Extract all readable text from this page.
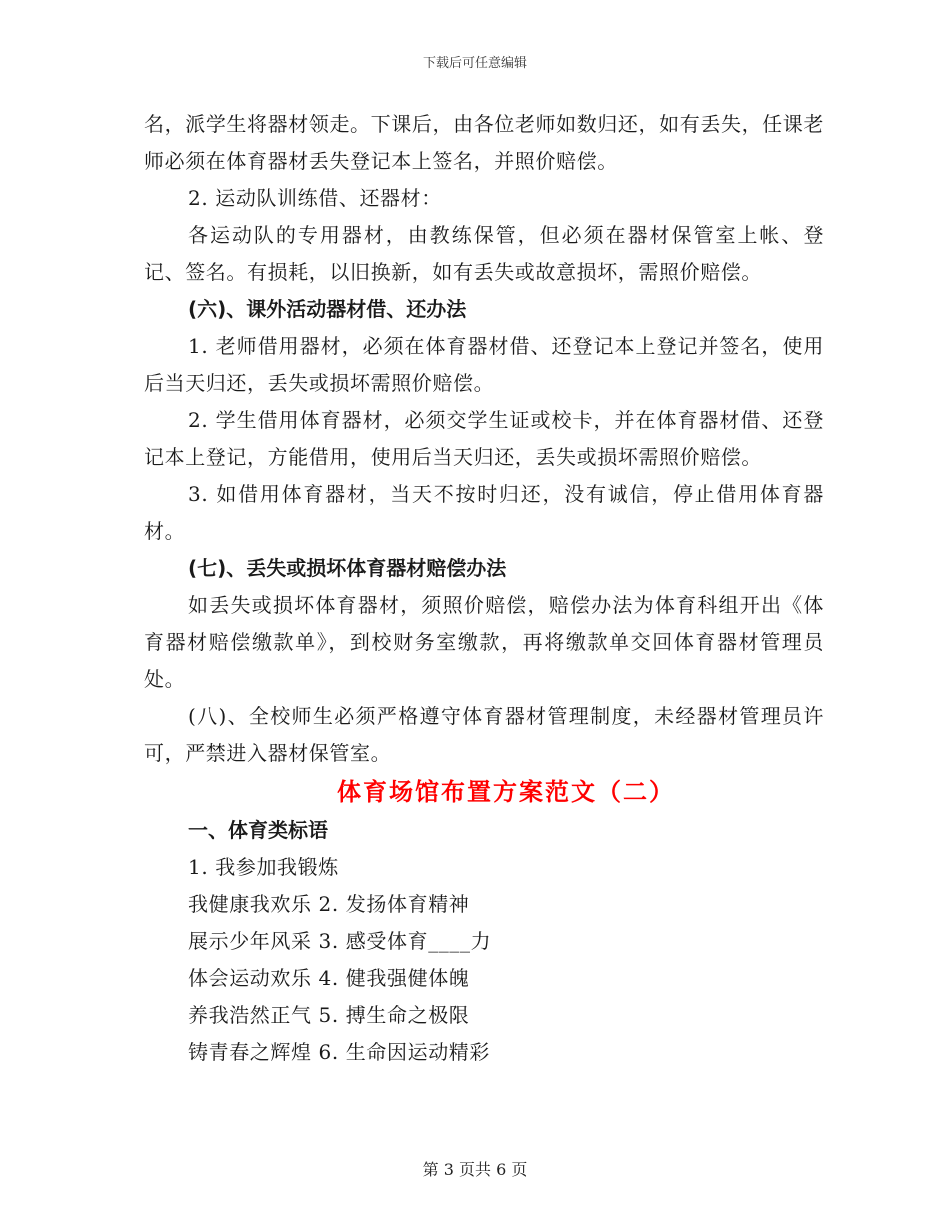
下载后可任意编辑

名，派学生将器材领走。下课后，由各位老师如数归还，如有丢失，任课老师必须在体育器材丢失登记本上签名，并照价赔偿。

2. 运动队训练借、还器材：

各运动队的专用器材，由教练保管，但必须在器材保管室上帐、登记、签名。有损耗，以旧换新，如有丢失或故意损坏，需照价赔偿。

(六)、课外活动器材借、还办法

1. 老师借用器材，必须在体育器材借、还登记本上登记并签名，使用后当天归还，丢失或损坏需照价赔偿。

2. 学生借用体育器材，必须交学生证或校卡，并在体育器材借、还登记本上登记，方能借用，使用后当天归还，丢失或损坏需照价赔偿。

3. 如借用体育器材，当天不按时归还，没有诚信，停止借用体育器材。

(七)、丢失或损坏体育器材赔偿办法

如丢失或损坏体育器材，须照价赔偿，赔偿办法为体育科组开出《体育器材赔偿缴款单》，到校财务室缴款，再将缴款单交回体育器材管理员处。

(八)、全校师生必须严格遵守体育器材管理制度，未经器材管理员许可，严禁进入器材保管室。

体育场馆布置方案范文（二）

一、体育类标语

1. 我参加我锻炼

我健康我欢乐 2. 发扬体育精神

展示少年风采 3. 感受体育____力

体会运动欢乐 4. 健我强健体魄

养我浩然正气 5. 搏生命之极限

铸青春之辉煌 6. 生命因运动精彩

第 3 页共 6 页
